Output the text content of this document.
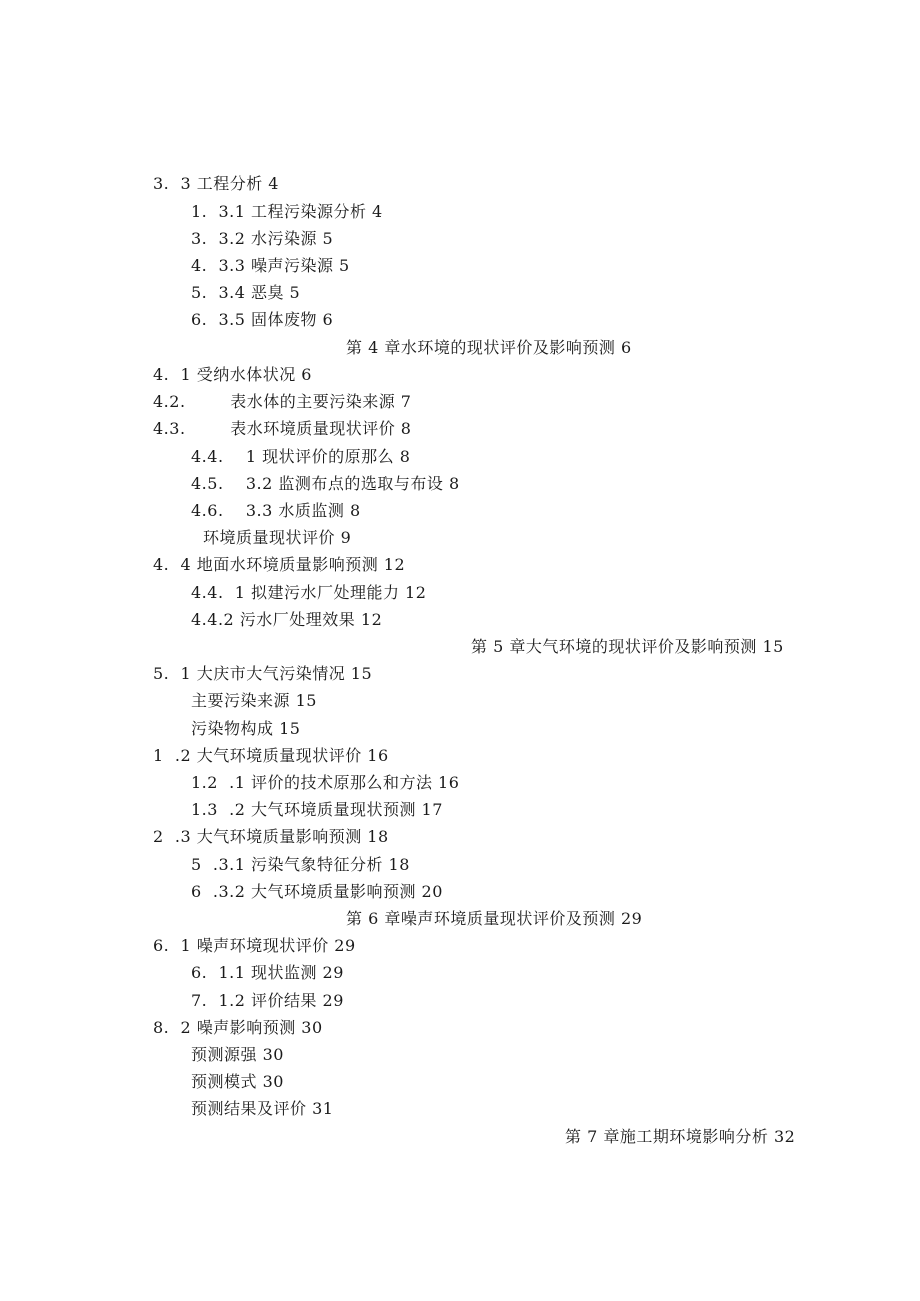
3.  3 工程分析 4
1.  3.1 工程污染源分析 4
3.  3.2 水污染源 5
4.  3.3 噪声污染源 5
5.  3.4 恶臭 5
6.  3.5 固体废物 6
第 4 章水环境的现状评价及影响预测 6
4.  1 受纳水体状况 6
4.2.        表水体的主要污染来源 7
4.3.        表水环境质量现状评价 8
4.4.    1 现状评价的原那么 8
4.5.    3.2 监测布点的选取与布设 8
4.6.    3.3 水质监测 8
环境质量现状评价 9
4.  4 地面水环境质量影响预测 12
4.4.  1 拟建污水厂处理能力 12
4.4.2 污水厂处理效果 12
第 5 章大气环境的现状评价及影响预测 15
5.  1 大庆市大气污染情况 15
主要污染来源 15
污染物构成 15
1  .2 大气环境质量现状评价 16
1.2  .1 评价的技术原那么和方法 16
1.3  .2 大气环境质量现状预测 17
2  .3 大气环境质量影响预测 18
5  .3.1 污染气象特征分析 18
6  .3.2 大气环境质量影响预测 20
第 6 章噪声环境质量现状评价及预测 29
6.  1 噪声环境现状评价 29
6.  1.1 现状监测 29
7.  1.2 评价结果 29
8.  2 噪声影响预测 30
预测源强 30
预测模式 30
预测结果及评价 31
第 7 章施工期环境影响分析 32
